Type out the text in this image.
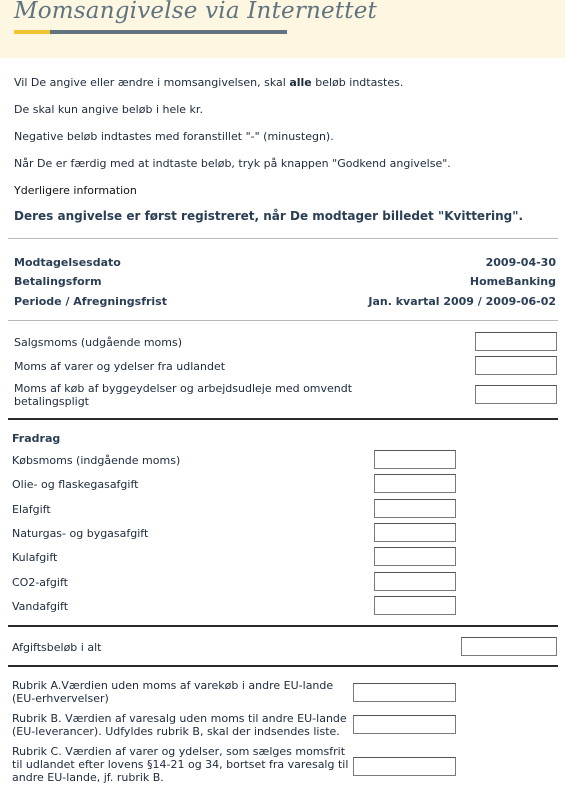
Momsangivelse via Internettet
Vil De angive eller ændre i momsangivelsen, skal alle beløb indtastes.
De skal kun angive beløb i hele kr.
Negative beløb indtastes med foranstillet "-" (minustegn).
Når De er færdig med at indtaste beløb, tryk på knappen "Godkend angivelse".
Yderligere information
Deres angivelse er først registreret, når De modtager billedet "Kvittering".
Modtagelsesdato	2009-04-30
Betalingsform	HomeBanking
Periode / Afregningsfrist	Jan. kvartal 2009 / 2009-06-02
Salgsmoms (udgående moms)
Moms af varer og ydelser fra udlandet
Moms af køb af byggeydelser og arbejdsudleje med omvendt betalingspligt
Fradrag
Købsmoms (indgående moms)
Olie- og flaskegasafgift
Elafgift
Naturgas- og bygasafgift
Kulafgift
CO2-afgift
Vandafgift
Afgiftsbeløb i alt
Rubrik A.Værdien uden moms af varekøb i andre EU-lande (EU-erhvervelser)
Rubrik B. Værdien af varesalg uden moms til andre EU-lande (EU-leverancer). Udfyldes rubrik B, skal der indsendes liste.
Rubrik C. Værdien af varer og ydelser, som sælges momsfrit til udlandet efter lovens §14-21 og 34, bortset fra varesalg til andre EU-lande, jf. rubrik B.
